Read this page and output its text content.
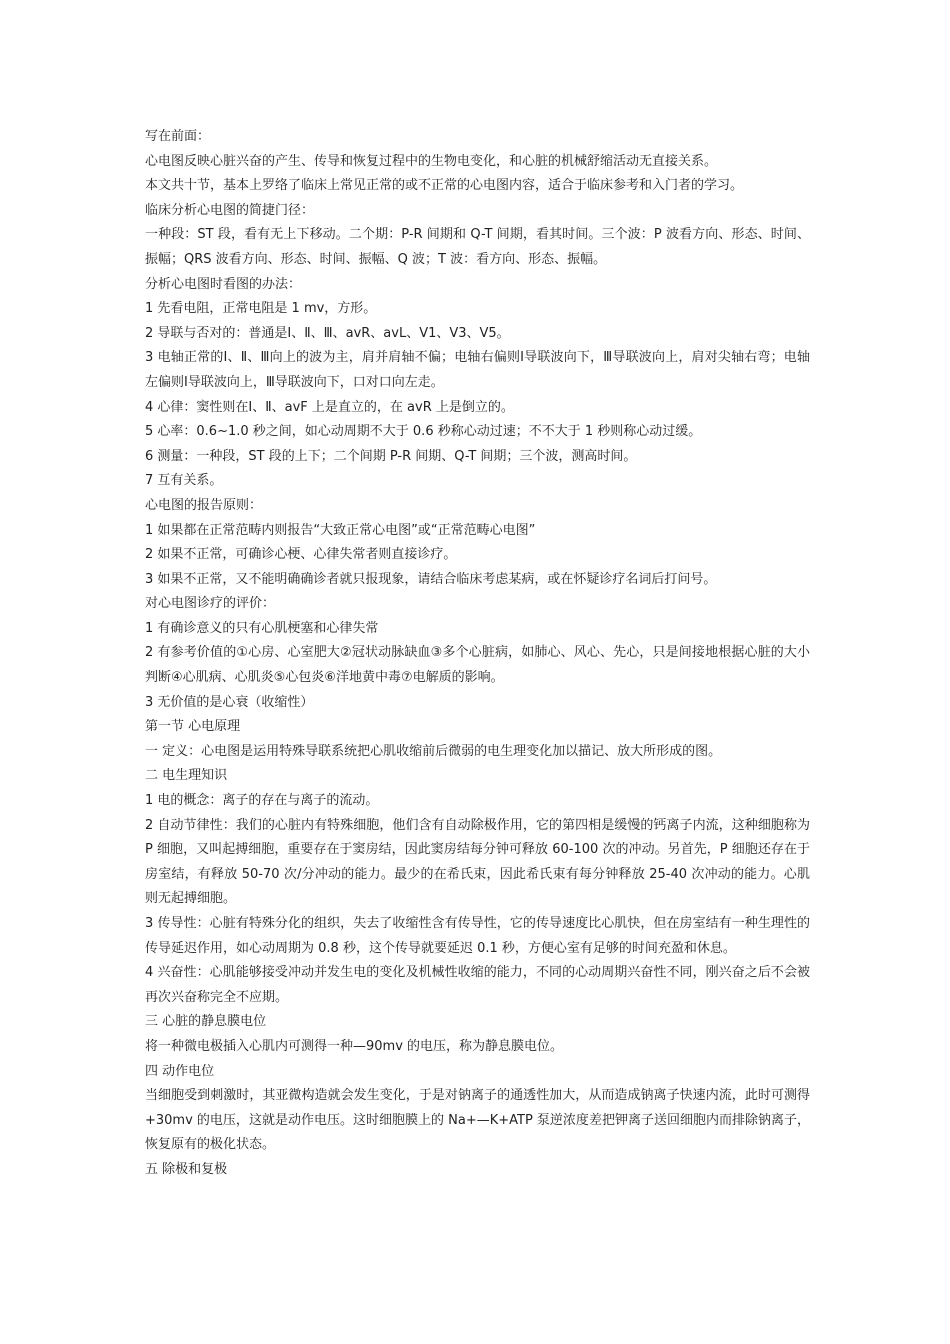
写在前面：

心电图反映心脏兴奋的产生、传导和恢复过程中的生物电变化，和心脏的机械舒缩活动无直接关系。

本文共十节，基本上罗络了临床上常见正常的或不正常的心电图内容，适合于临床参考和入门者的学习。

临床分析心电图的简捷门径：

一种段：ST 段，看有无上下移动。二个期：P-R 间期和 Q-T 间期，看其时间。三个波：P 波看方向、形态、时间、振幅；QRS 波看方向、形态、时间、振幅、Q 波；T 波：看方向、形态、振幅。

分析心电图时看图的办法：

1 先看电阻，正常电阻是 1 mv，方形。

2 导联与否对的：普通是Ⅰ、Ⅱ、Ⅲ、avR、avL、V1、V3、V5。

3 电轴正常的Ⅰ、Ⅱ、Ⅲ向上的波为主，肩并肩轴不偏；电轴右偏则Ⅰ导联波向下，Ⅲ导联波向上，肩对尖轴右弯；电轴左偏则Ⅰ导联波向上，Ⅲ导联波向下，口对口向左走。

4 心律：窦性则在Ⅰ、Ⅱ、avF 上是直立的，在 avR 上是倒立的。

5 心率：0.6~1.0 秒之间，如心动周期不大于 0.6 秒称心动过速；不不大于 1 秒则称心动过缓。

6 测量：一种段，ST 段的上下；二个间期 P-R 间期、Q-T 间期；三个波，测高时间。

7 互有关系。

心电图的报告原则：

1 如果都在正常范畴内则报告“大致正常心电图”或“正常范畴心电图”

2 如果不正常，可确诊心梗、心律失常者则直接诊疗。

3 如果不正常，又不能明确确诊者就只报现象，请结合临床考虑某病，或在怀疑诊疗名词后打问号。

对心电图诊疗的评价：

1 有确诊意义的只有心肌梗塞和心律失常

2 有参考价值的①心房、心室肥大②冠状动脉缺血③多个心脏病，如肺心、风心、先心，只是间接地根据心脏的大小判断④心肌病、心肌炎⑤心包炎⑥洋地黄中毒⑦电解质的影响。

3 无价值的是心衰（收缩性）

第一节 心电原理

一 定义：心电图是运用特殊导联系统把心肌收缩前后微弱的电生理变化加以描记、放大所形成的图。

二 电生理知识

1 电的概念：离子的存在与离子的流动。

2 自动节律性：我们的心脏内有特殊细胞，他们含有自动除极作用，它的第四相是缓慢的钙离子内流，这种细胞称为 P 细胞，又叫起搏细胞，重要存在于窦房结，因此窦房结每分钟可释放 60-100 次的冲动。另首先，P 细胞还存在于房室结，有释放 50-70 次/分冲动的能力。最少的在希氏束，因此希氏束有每分钟释放 25-40 次冲动的能力。心肌则无起搏细胞。

3 传导性：心脏有特殊分化的组织，失去了收缩性含有传导性，它的传导速度比心肌快，但在房室结有一种生理性的传导延迟作用，如心动周期为 0.8 秒，这个传导就要延迟 0.1 秒，方便心室有足够的时间充盈和休息。

4 兴奋性：心肌能够接受冲动并发生电的变化及机械性收缩的能力，不同的心动周期兴奋性不同，刚兴奋之后不会被再次兴奋称完全不应期。

三 心脏的静息膜电位

将一种微电极插入心肌内可测得一种—90mv 的电压，称为静息膜电位。

四 动作电位

当细胞受到刺激时，其亚微构造就会发生变化，于是对钠离子的通透性加大，从而造成钠离子快速内流，此时可测得+30mv 的电压，这就是动作电压。这时细胞膜上的 Na+—K+ATP 泵逆浓度差把钾离子送回细胞内而排除钠离子，恢复原有的极化状态。

五 除极和复极
